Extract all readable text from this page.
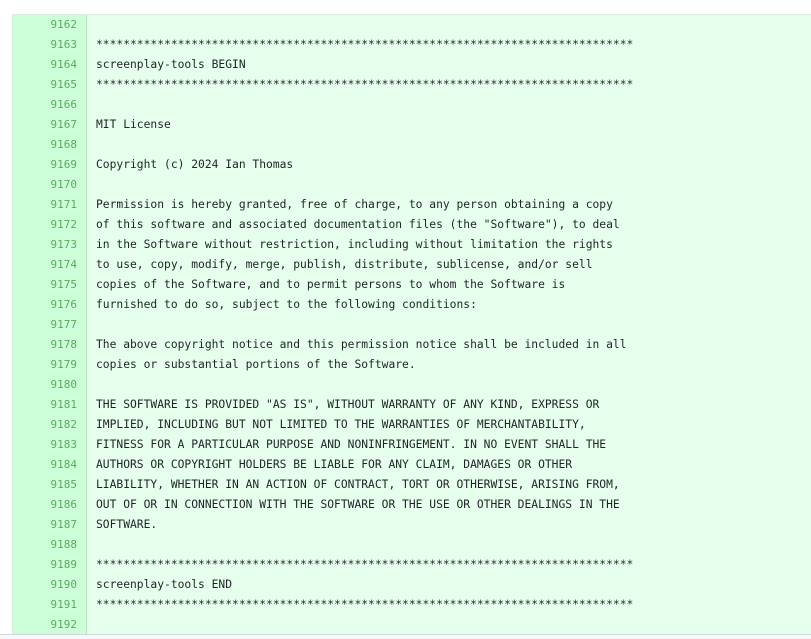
9162
9163 *******************************************************************************
9164 screenplay-tools BEGIN
9165 *******************************************************************************
9166
9167 MIT License
9168
9169 Copyright (c) 2024 Ian Thomas
9170
9171 Permission is hereby granted, free of charge, to any person obtaining a copy
9172 of this software and associated documentation files (the "Software"), to deal
9173 in the Software without restriction, including without limitation the rights
9174 to use, copy, modify, merge, publish, distribute, sublicense, and/or sell
9175 copies of the Software, and to permit persons to whom the Software is
9176 furnished to do so, subject to the following conditions:
9177
9178 The above copyright notice and this permission notice shall be included in all
9179 copies or substantial portions of the Software.
9180
9181 THE SOFTWARE IS PROVIDED "AS IS", WITHOUT WARRANTY OF ANY KIND, EXPRESS OR
9182 IMPLIED, INCLUDING BUT NOT LIMITED TO THE WARRANTIES OF MERCHANTABILITY,
9183 FITNESS FOR A PARTICULAR PURPOSE AND NONINFRINGEMENT. IN NO EVENT SHALL THE
9184 AUTHORS OR COPYRIGHT HOLDERS BE LIABLE FOR ANY CLAIM, DAMAGES OR OTHER
9185 LIABILITY, WHETHER IN AN ACTION OF CONTRACT, TORT OR OTHERWISE, ARISING FROM,
9186 OUT OF OR IN CONNECTION WITH THE SOFTWARE OR THE USE OR OTHER DEALINGS IN THE
9187 SOFTWARE.
9188
9189 *******************************************************************************
9190 screenplay-tools END
9191 *******************************************************************************
9192
